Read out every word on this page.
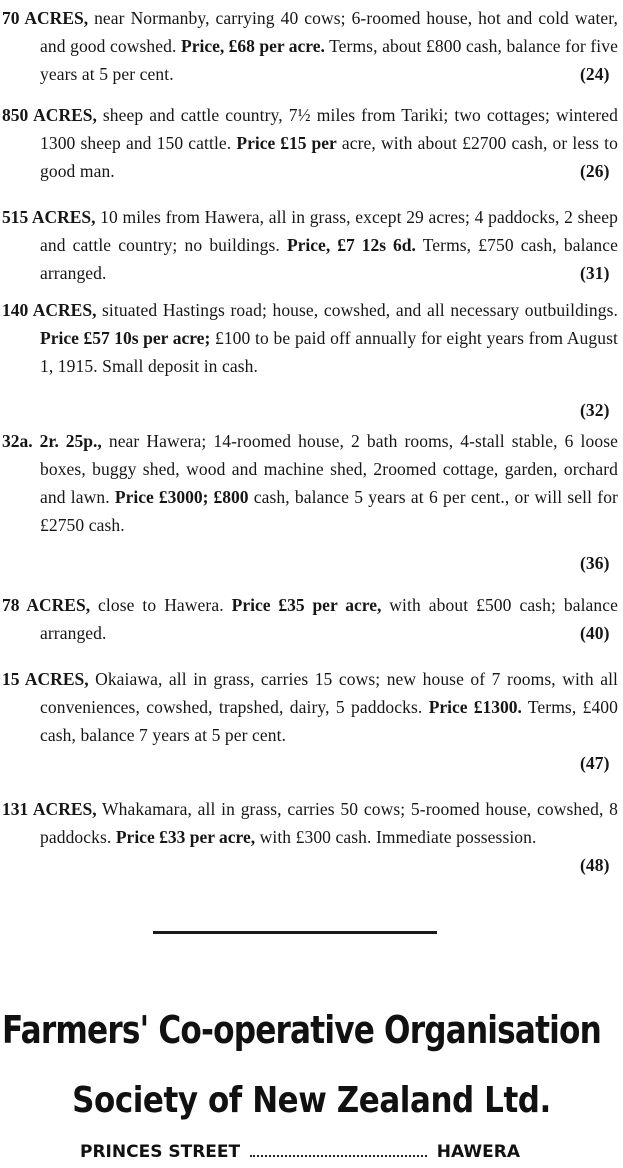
70 ACRES, near Normanby, carrying 40 cows; 6-roomed house, hot and cold water, and good cowshed. Price, £68 per acre. Terms, about £800 cash, balance for five years at 5 per cent.	(24)
850 ACRES, sheep and cattle country, 7½ miles from Tariki; two cottages; wintered 1300 sheep and 150 cattle. Price £15 per acre, with about £2700 cash, or less to good man.	(26)
515 ACRES, 10 miles from Hawera, all in grass, except 29 acres; 4 paddocks, 2 sheep and cattle country; no buildings. Price, £7 12s 6d. Terms, £750 cash, balance arranged.	(31)
140 ACRES, situated Hastings road; house, cowshed, and all necessary outbuildings. Price £57 10s per acre; £100 to be paid off annually for eight years from August 1, 1915. Small deposit in cash.
(32)
32a. 2r. 25p., near Hawera; 14-roomed house, 2 bath rooms, 4-stall stable, 6 loose boxes, buggy shed, wood and machine shed, 2roomed cottage, garden, orchard and lawn. Price £3000; £800 cash, balance 5 years at 6 per cent., or will sell for £2750 cash.
(36)
78 ACRES, close to Hawera. Price £35 per acre, with about £500 cash; balance arranged.	(40)
15 ACRES, Okaiawa, all in grass, carries 15 cows; new house of 7 rooms, with all conveniences, cowshed, trapshed, dairy, 5 paddocks. Price £1300. Terms, £400 cash, balance 7 years at 5 per cent.
(47)
131 ACRES, Whakamara, all in grass, carries 50 cows; 5-roomed house, cowshed, 8 paddocks. Price £33 per acre, with £300 cash. Immediate possession.
(48)
Farmers' Co-operative Organisation
Society of New Zealand Ltd.
PRINCES STREET	HAWERA
